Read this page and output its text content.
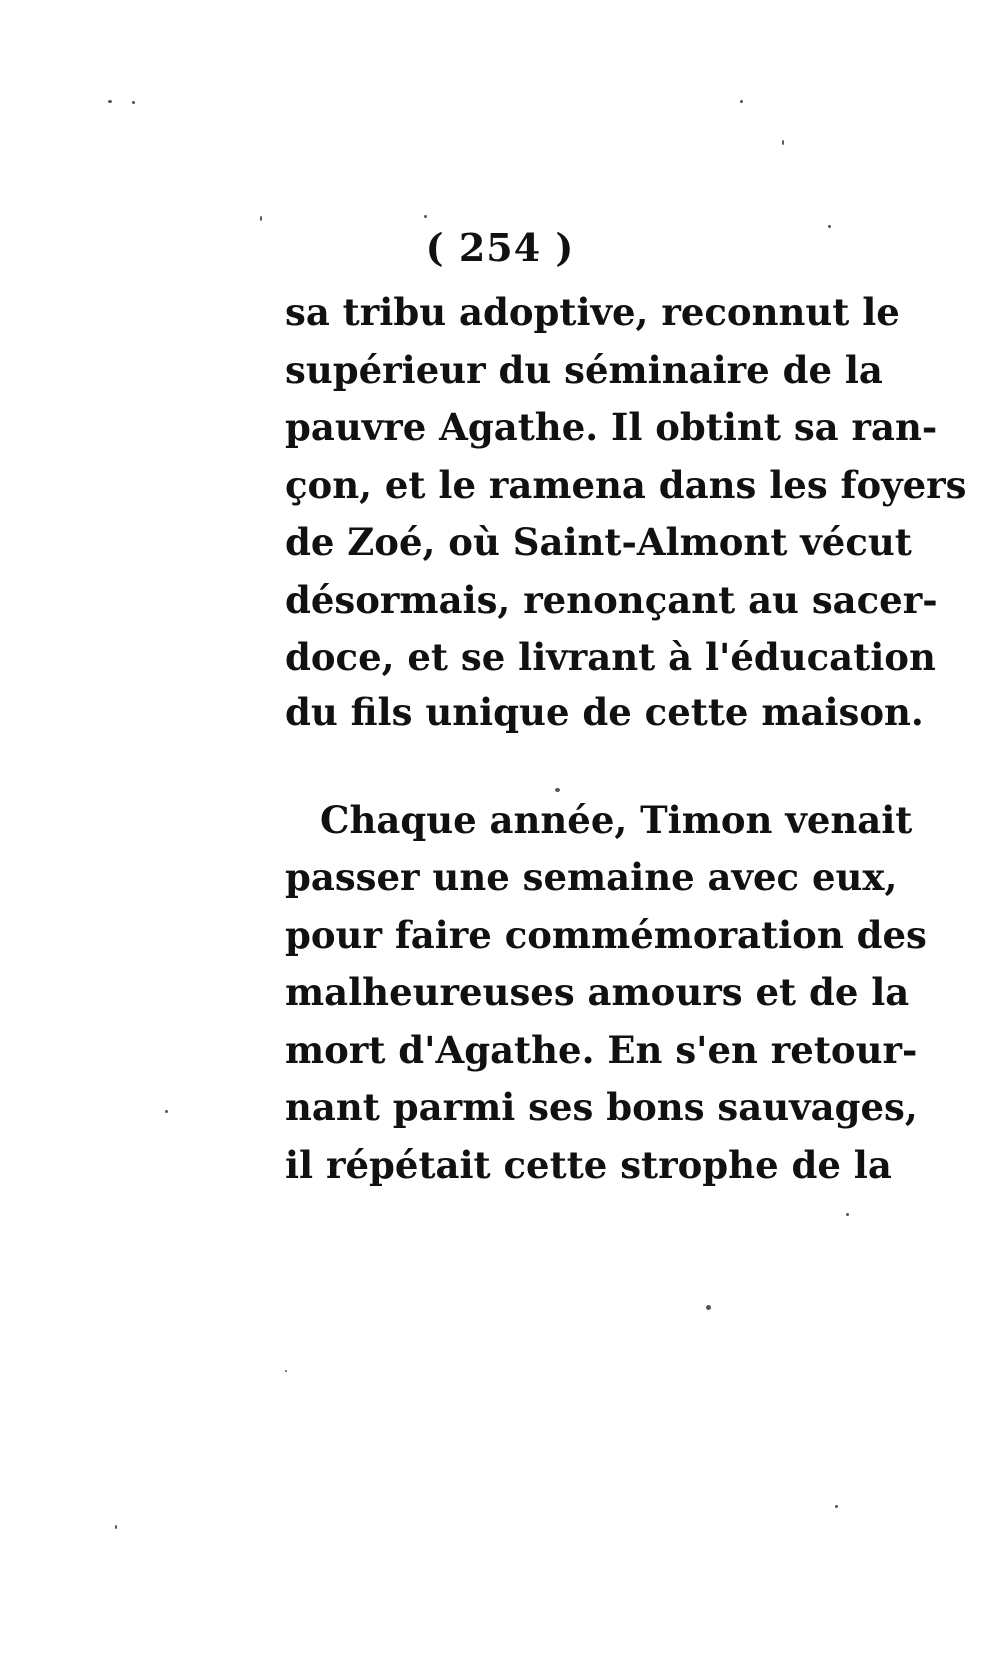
( 254 )
sa tribu adoptive, reconnut le
supérieur du séminaire de la
pauvre Agathe. Il obtint sa ran-
çon, et le ramena dans les foyers
de Zoé, où Saint-Almont vécut
désormais, renonçant au sacer-
doce, et se livrant à l'éducation
du fils unique de cette maison.
Chaque année, Timon venait
passer une semaine avec eux,
pour faire commémoration des
malheureuses amours et de la
mort d'Agathe. En s'en retour-
nant parmi ses bons sauvages,
il répétait cette strophe de la
